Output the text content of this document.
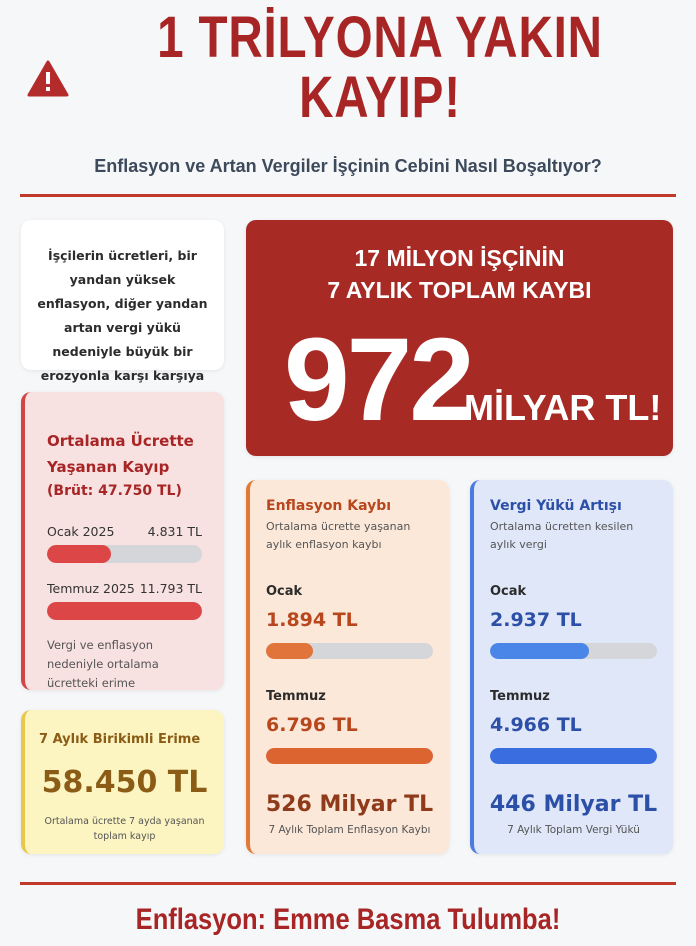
1 TRİLYONA YAKIN
KAYIP!
Enflasyon ve Artan Vergiler İşçinin Cebini Nasıl Boşaltıyor?
İşçilerin ücretleri, bir yandan yüksek enflasyon, diğer yandan artan vergi yükü nedeniyle büyük bir erozyonla karşı karşıya
17 MİLYON İŞÇİNİN
7 AYLIK TOPLAM KAYBI
972
MİLYAR TL!
Ortalama Ücrette
Yaşanan Kayıp
(Brüt: 47.750 TL)
Ocak 2025	4.831 TL
Temmuz 2025 11.793 TL
Vergi ve enflasyon nedeniyle ortalama ücretteki erime
7 Aylık Birikimli Erime
58.450 TL
Ortalama ücrette 7 ayda yaşanan toplam kayıp
Enflasyon Kaybı
Ortalama ücrette yaşanan aylık enflasyon kaybı
Ocak
1.894 TL
Temmuz
6.796 TL
526 Milyar TL
7 Aylık Toplam Enflasyon Kaybı
Vergi Yükü Artışı
Ortalama ücretten kesilen aylık vergi
Ocak
2.937 TL
Temmuz
4.966 TL
446 Milyar TL
7 Aylık Toplam Vergi Yükü
Enflasyon: Emme Basma Tulumba!
